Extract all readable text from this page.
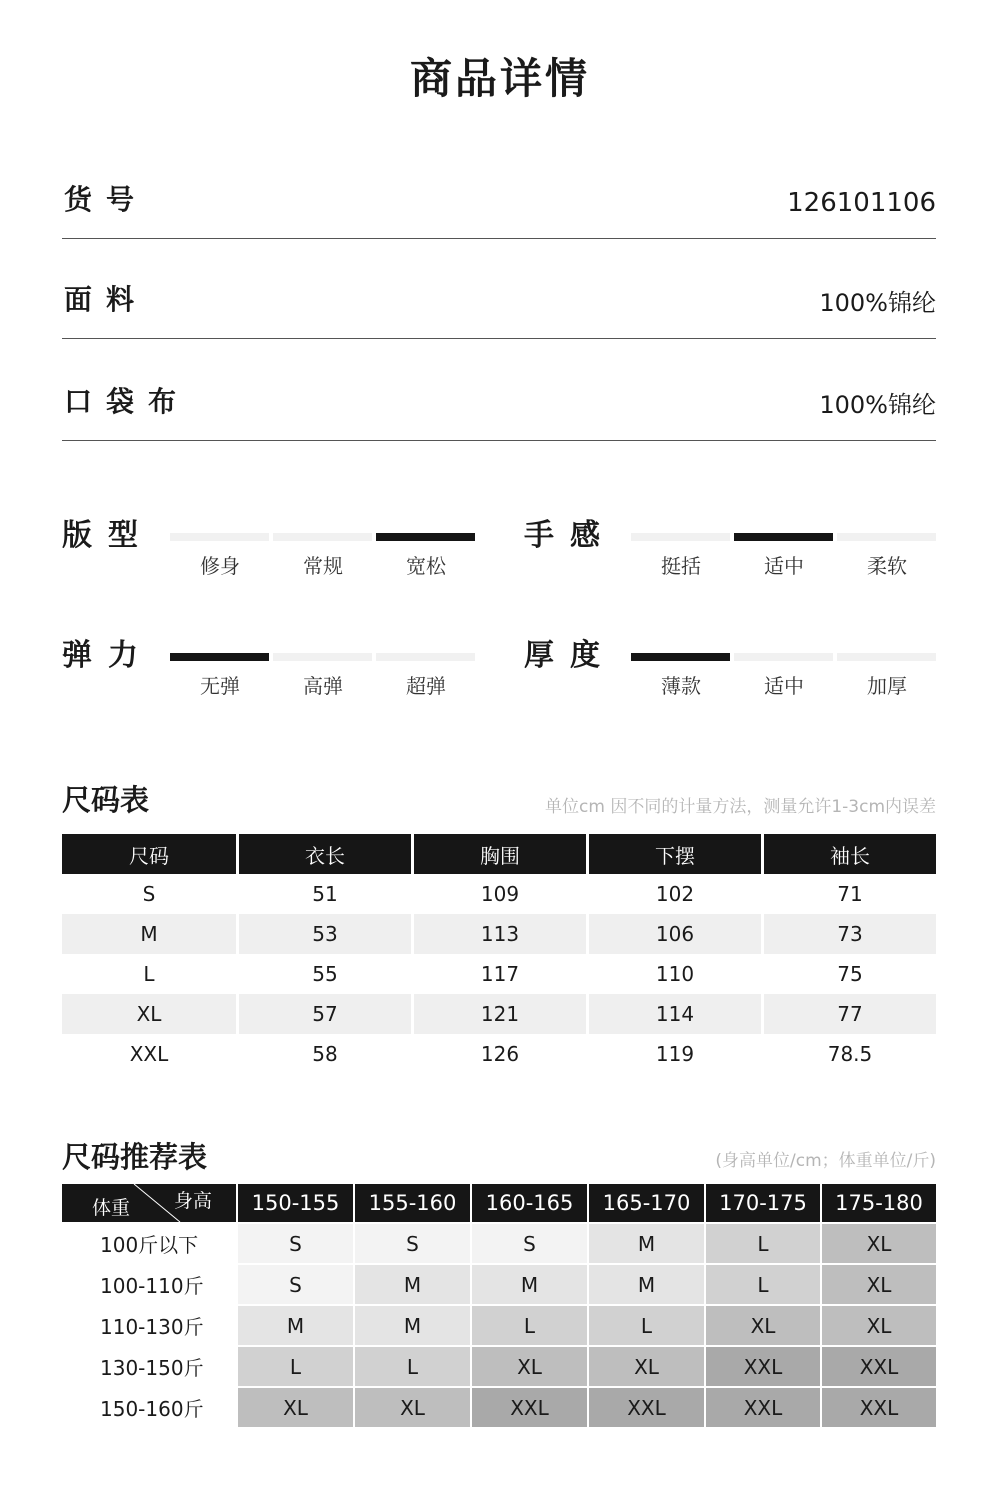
商品详情
货号	126101106
面料	100%锦纶
口袋布	100%锦纶
尺码表	单位cm 因不同的计量方法，测量允许1-3cm内误差
尺码	衣长	胸围	下摆	袖长
S	51	109	102	71
M	53	113	106	73
L	55	117	110	75
XL	57	121	114	77
XXL	58	126	119	78.5
尺码推荐表	(身高单位/cm；体重单位/斤)
身高
体重	150-155	155-160	160-165	165-170	170-175	175-180
100斤以下	S	S	S	M	L	XL
100-110斤	S	M	M	M	L	XL
110-130斤	M	M	L	L	XL	XL
130-150斤	L	L	XL	XL	XXL	XXL
150-160斤	XL	XL	XXL	XXL	XXL	XXL
版型
修身	常规	宽松
手感
挺括	适中	柔软
弹力
无弹	高弹	超弹
厚度
薄款	适中	加厚
